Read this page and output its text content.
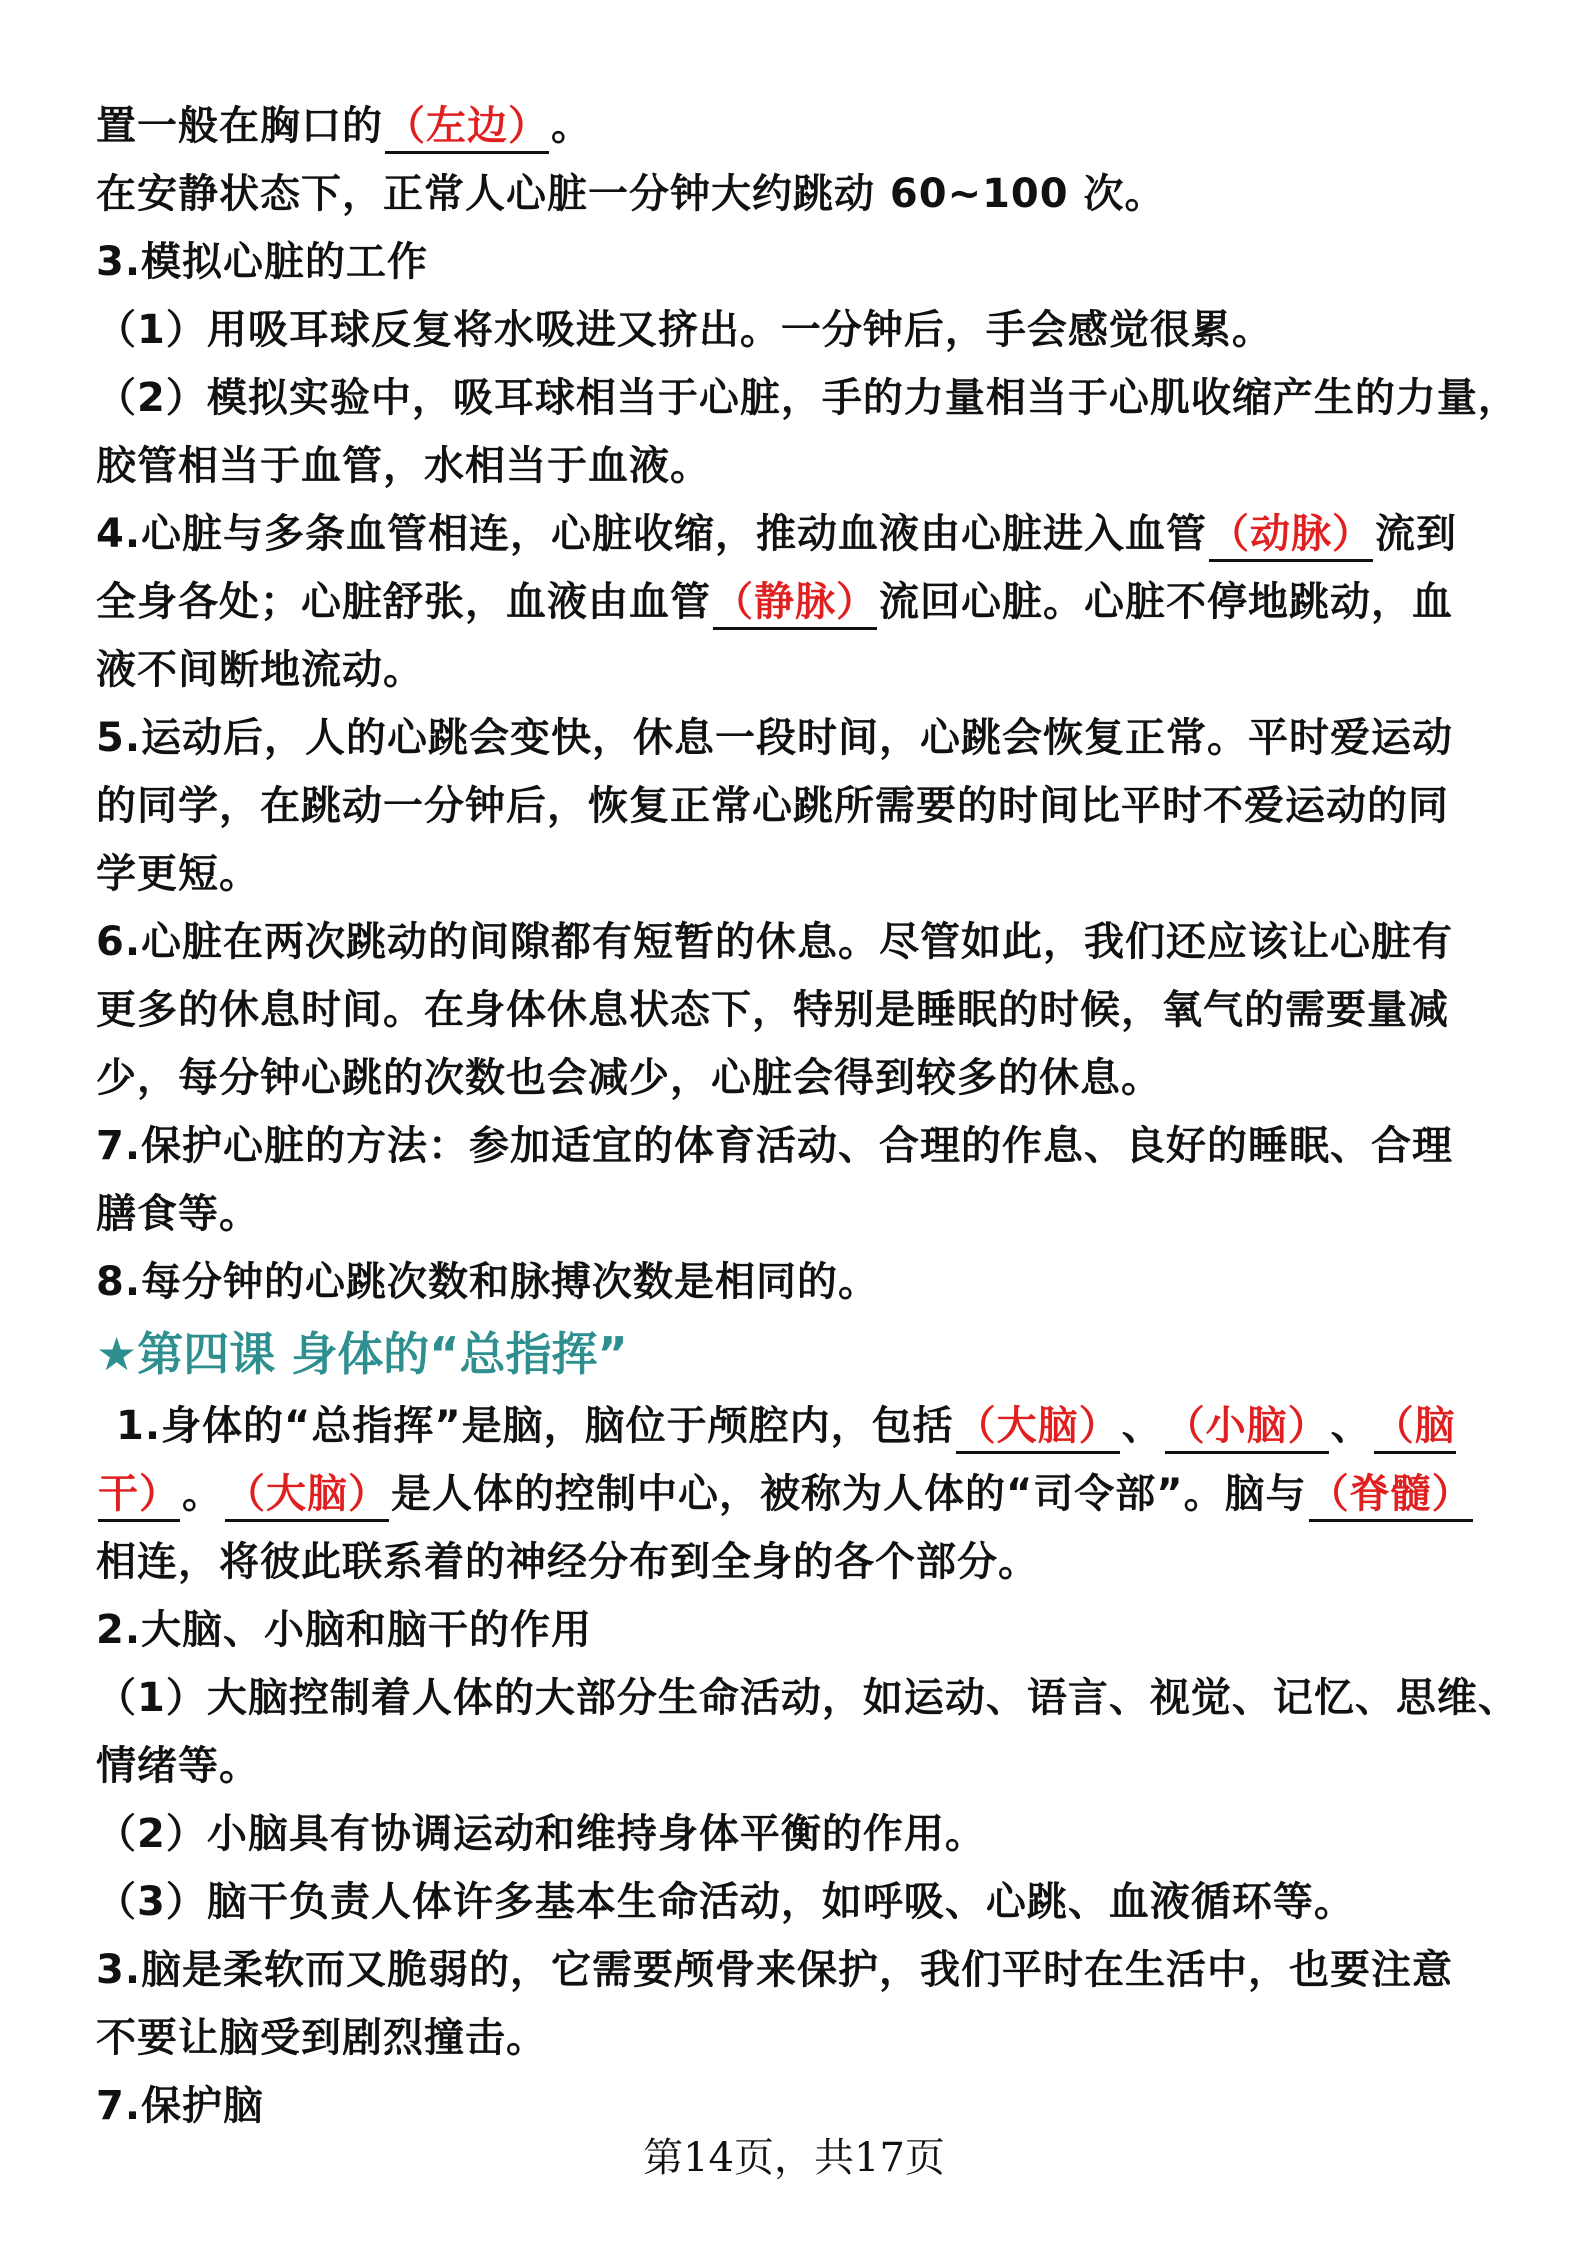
置一般在胸口的（左边）。
在安静状态下，正常人心脏一分钟大约跳动 60~100 次。
3.模拟心脏的工作
（1）用吸耳球反复将水吸进又挤出。一分钟后，手会感觉很累。
（2）模拟实验中，吸耳球相当于心脏，手的力量相当于心肌收缩产生的力量，
胶管相当于血管，水相当于血液。
4.心脏与多条血管相连，心脏收缩，推动血液由心脏进入血管（动脉）流到
全身各处；心脏舒张，血液由血管（静脉）流回心脏。心脏不停地跳动，血
液不间断地流动。
5.运动后，人的心跳会变快，休息一段时间，心跳会恢复正常。平时爱运动
的同学，在跳动一分钟后，恢复正常心跳所需要的时间比平时不爱运动的同
学更短。
6.心脏在两次跳动的间隙都有短暂的休息。尽管如此，我们还应该让心脏有
更多的休息时间。在身体休息状态下，特别是睡眠的时候，氧气的需要量减
少，每分钟心跳的次数也会减少，心脏会得到较多的休息。
7.保护心脏的方法：参加适宜的体育活动、合理的作息、良好的睡眠、合理
膳食等。
8.每分钟的心跳次数和脉搏次数是相同的。
★第四课 身体的“总指挥”
1.身体的“总指挥”是脑，脑位于颅腔内，包括（大脑）、（小脑）、（脑
干）。（大脑）是人体的控制中心，被称为人体的“司令部”。脑与（脊髓）
相连，将彼此联系着的神经分布到全身的各个部分。
2.大脑、小脑和脑干的作用
（1）大脑控制着人体的大部分生命活动，如运动、语言、视觉、记忆、思维、
情绪等。
（2）小脑具有协调运动和维持身体平衡的作用。
（3）脑干负责人体许多基本生命活动，如呼吸、心跳、血液循环等。
3.脑是柔软而又脆弱的，它需要颅骨来保护，我们平时在生活中，也要注意
不要让脑受到剧烈撞击。
7.保护脑
第14页，共17页
